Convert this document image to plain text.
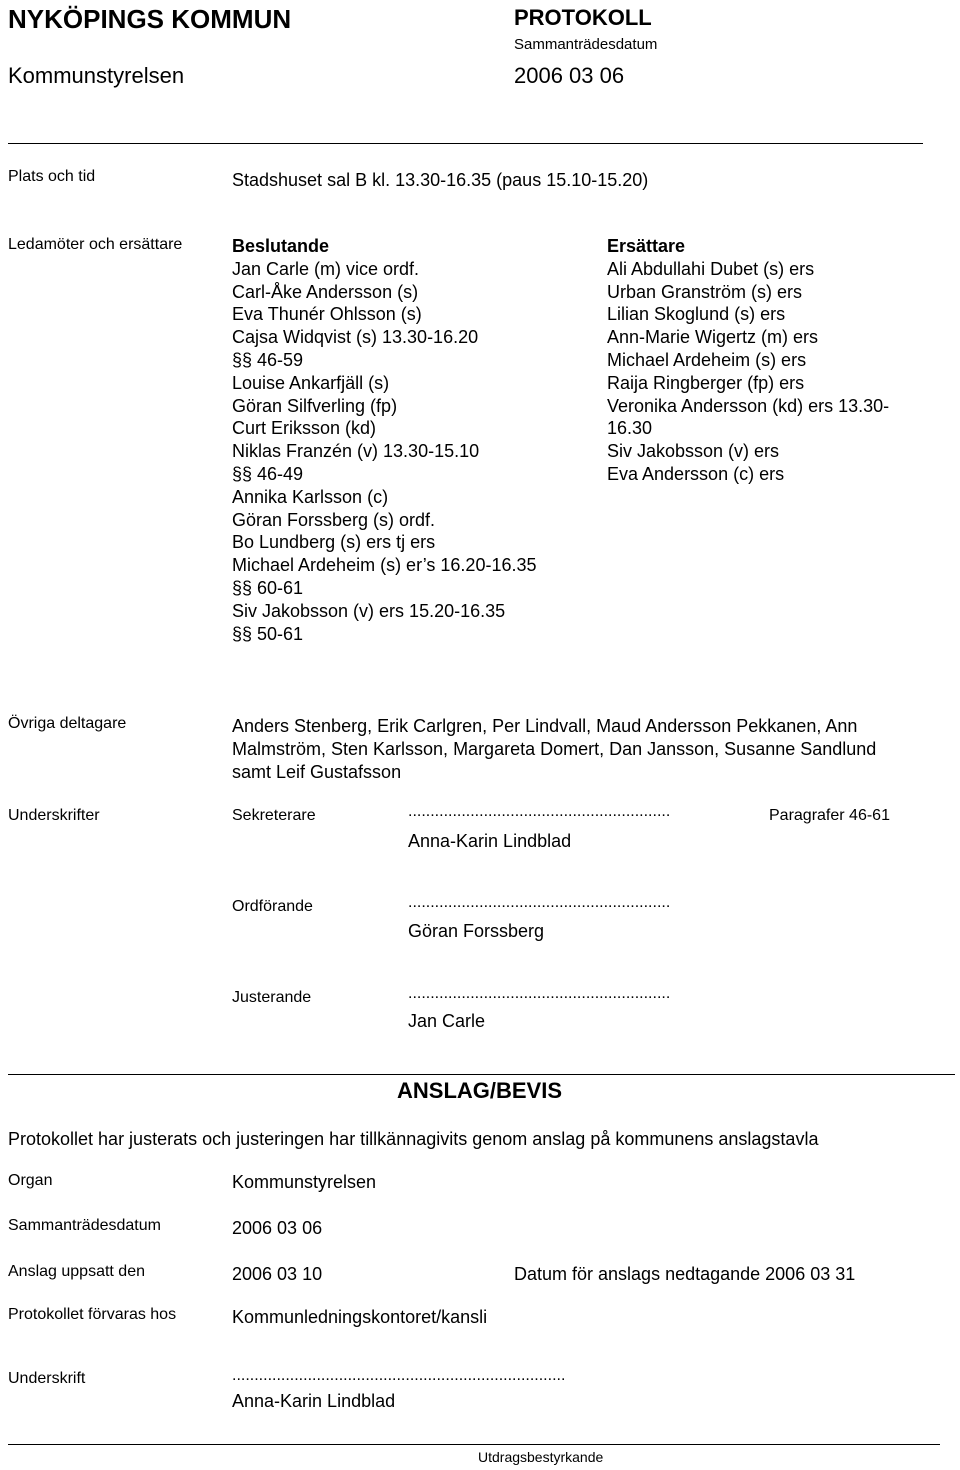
NYKÖPINGS KOMMUN	PROTOKOLL
Sammanträdesdatum
Kommunstyrelsen	2006 03 06
Plats och tid	Stadshuset sal B kl. 13.30-16.35 (paus 15.10-15.20)
Ledamöter och ersättare	Beslutande
Jan Carle (m) vice ordf.
Carl-Åke Andersson (s)
Eva Thunér Ohlsson (s)
Cajsa Widqvist (s) 13.30-16.20
§§ 46-59
Louise Ankarfjäll (s)
Göran Silfverling (fp)
Curt Eriksson (kd)
Niklas Franzén (v) 13.30-15.10
§§ 46-49
Annika Karlsson (c)
Göran Forssberg (s) ordf.
Bo Lundberg (s) ers tj ers
Michael Ardeheim (s) er’s 16.20-16.35
§§ 60-61
Siv Jakobsson (v) ers 15.20-16.35
§§ 50-61
Ersättare
Ali Abdullahi Dubet (s) ers
Urban Granström (s) ers
Lilian Skoglund (s) ers
Ann-Marie Wigertz (m) ers
Michael Ardeheim (s) ers
Raija Ringberger (fp) ers
Veronika Andersson (kd) ers 13.30-
16.30
Siv Jakobsson (v) ers
Eva Andersson (c) ers
Övriga deltagare	Anders Stenberg, Erik Carlgren, Per Lindvall, Maud Andersson Pekkanen, Ann
Malmström, Sten Karlsson, Margareta Domert, Dan Jansson, Susanne Sandlund
samt Leif Gustafsson
Underskrifter	Sekreterare	...........................................................	Paragrafer 46-61
Anna-Karin Lindblad
Ordförande	...........................................................
Göran Forssberg
Justerande	...........................................................
Jan Carle
ANSLAG/BEVIS
Protokollet har justerats och justeringen har tillkännagivits genom anslag på kommunens anslagstavla
Organ	Kommunstyrelsen
Sammanträdesdatum	2006 03 06
Anslag uppsatt den	2006 03 10	Datum för anslags nedtagande 2006 03 31
Protokollet förvaras hos	Kommunledningskontoret/kansli
Underskrift	...........................................................................
Anna-Karin Lindblad
Utdragsbestyrkande
